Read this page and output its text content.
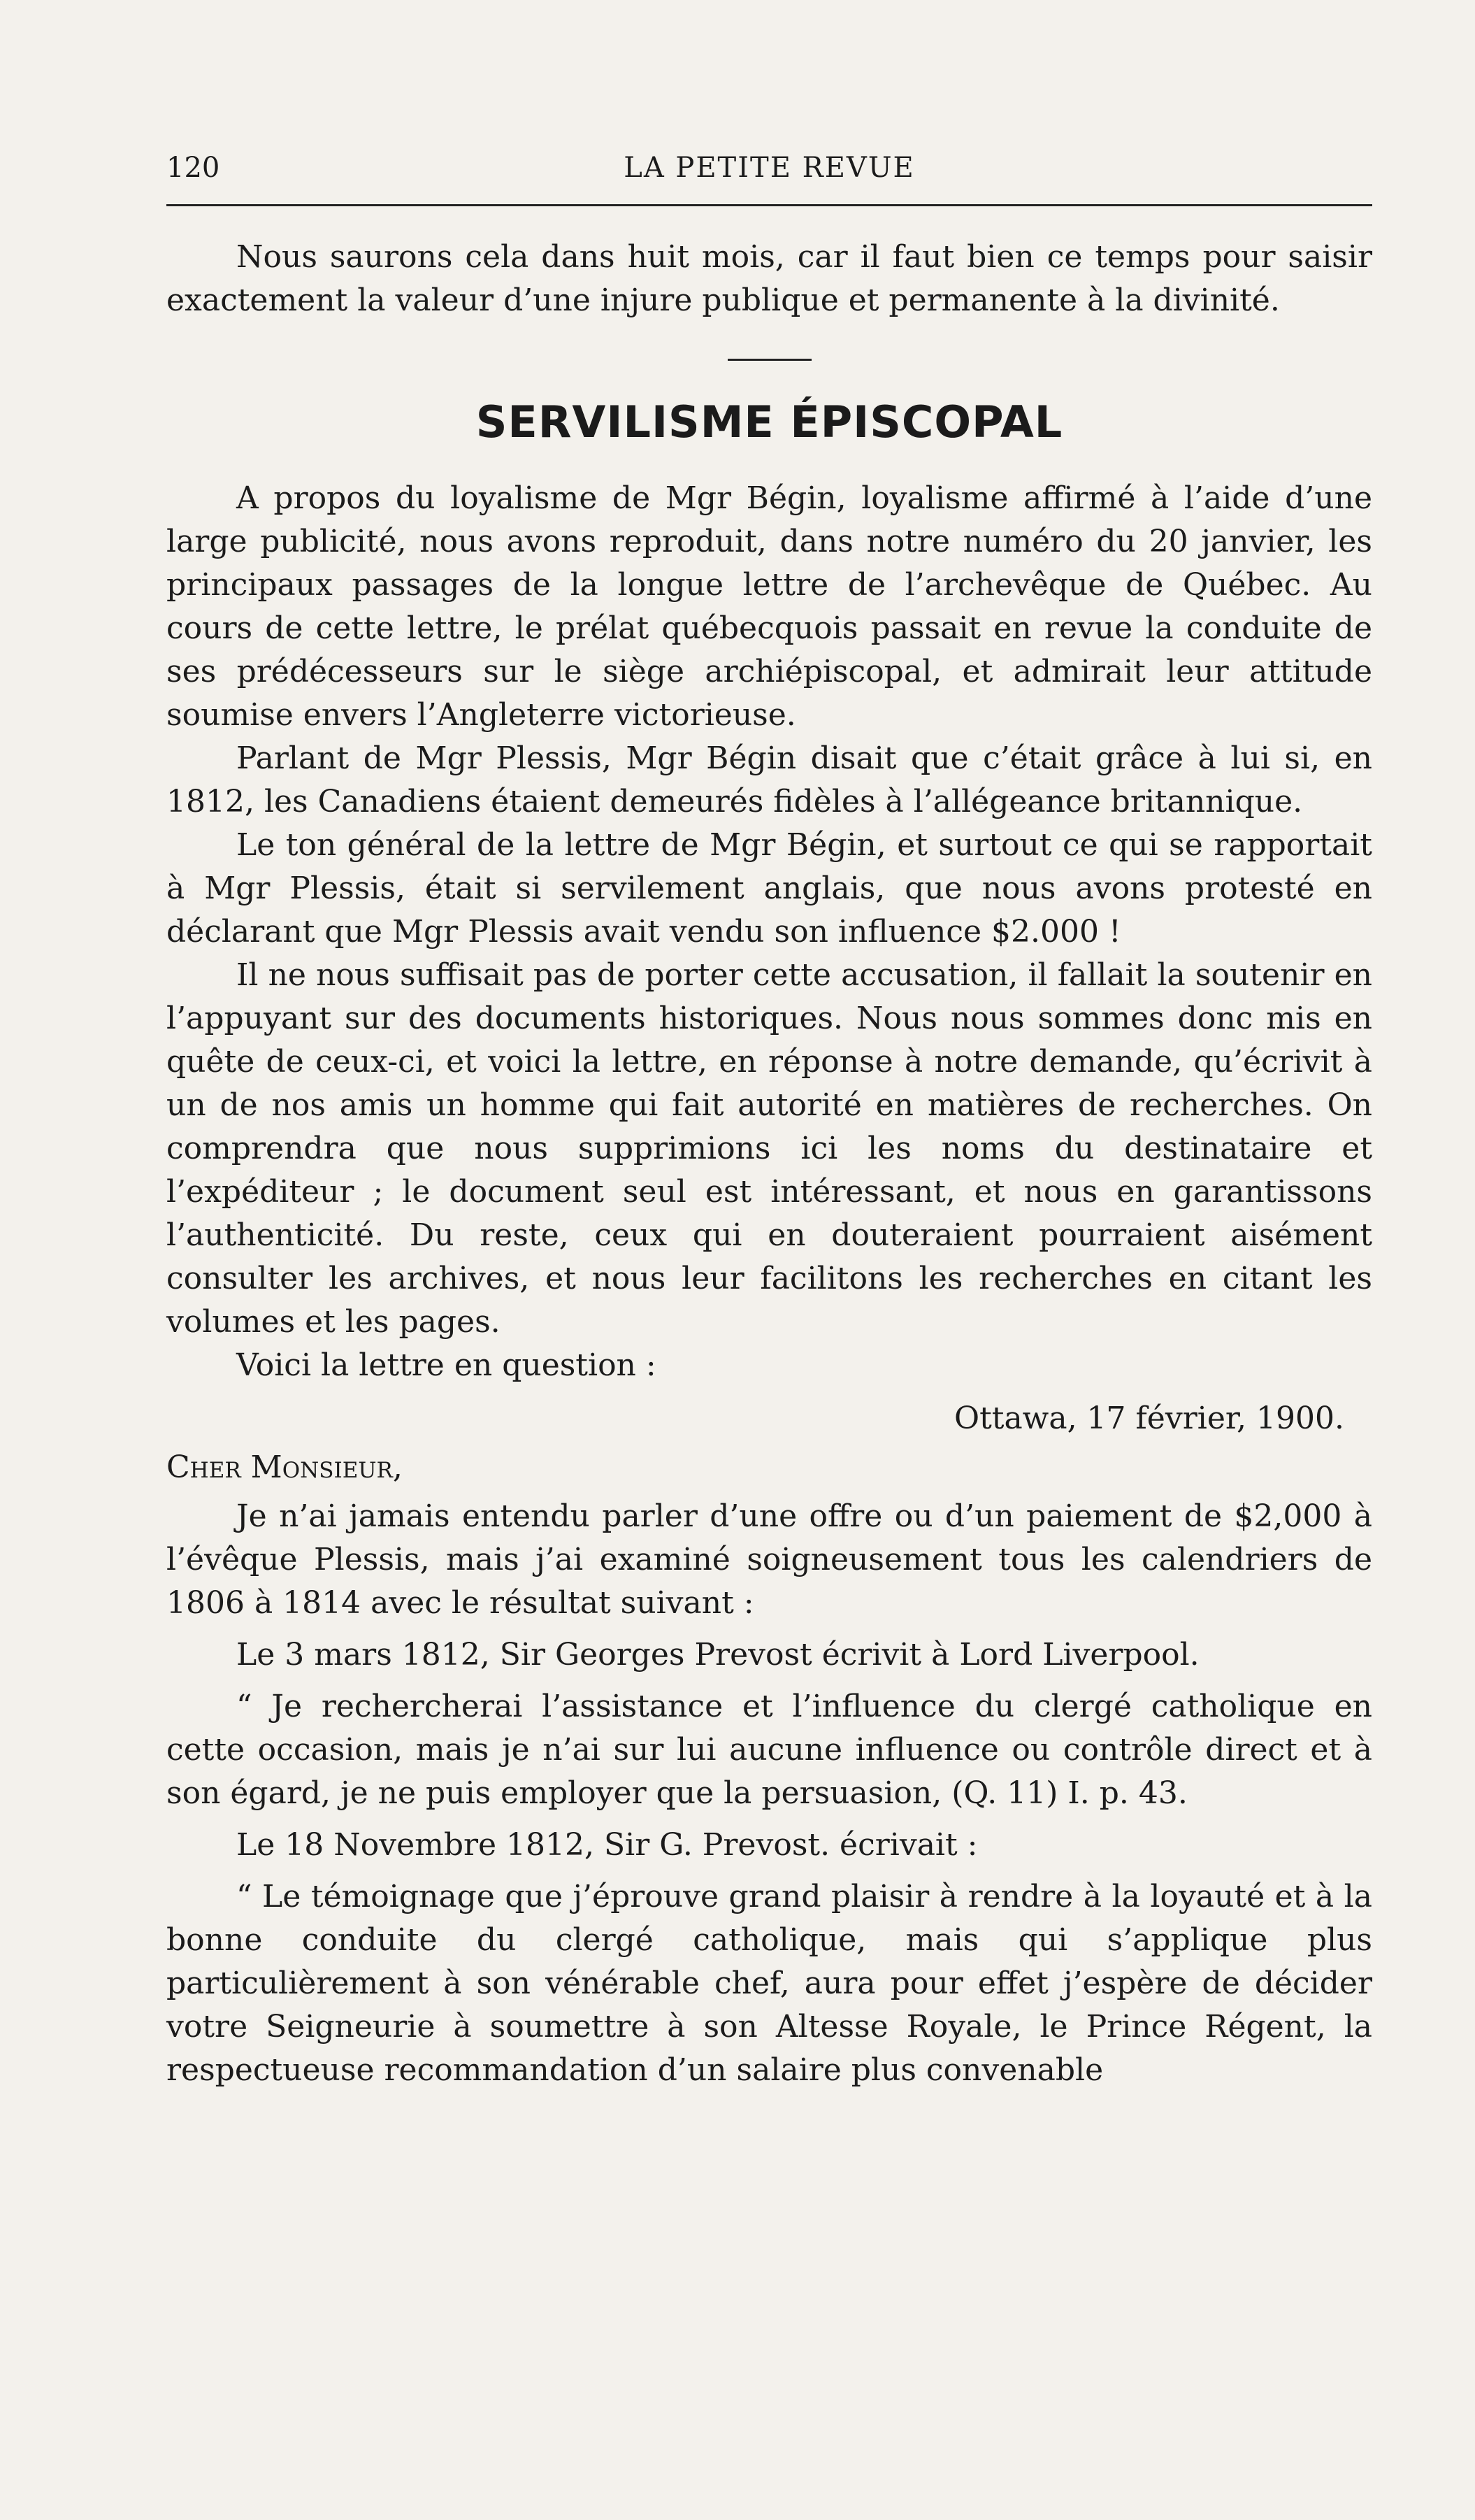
120	LA PETITE REVUE

Nous saurons cela dans huit mois, car il faut bien ce temps pour saisir exactement la valeur d’une injure publique et permanente à la divinité.

SERVILISME ÉPISCOPAL

A propos du loyalisme de Mgr Bégin, loyalisme affirmé à l’aide d’une large publicité, nous avons reproduit, dans notre numéro du 20 janvier, les principaux passages de la longue lettre de l’archevêque de Québec. Au cours de cette lettre, le prélat québecquois passait en revue la conduite de ses prédécesseurs sur le siège archiépiscopal, et admirait leur attitude soumise envers l’Angleterre victorieuse.

Parlant de Mgr Plessis, Mgr Bégin disait que c’était grâce à lui si, en 1812, les Canadiens étaient demeurés fidèles à l’allégeance britannique.

Le ton général de la lettre de Mgr Bégin, et surtout ce qui se rapportait à Mgr Plessis, était si servilement anglais, que nous avons protesté en déclarant que Mgr Plessis avait vendu son influence $2.000 !

Il ne nous suffisait pas de porter cette accusation, il fallait la soutenir en l’appuyant sur des documents historiques. Nous nous sommes donc mis en quête de ceux-ci, et voici la lettre, en réponse à notre demande, qu’écrivit à un de nos amis un homme qui fait autorité en matières de recherches. On comprendra que nous supprimions ici les noms du destinataire et l’expéditeur ; le document seul est intéressant, et nous en garantissons l’authenticité. Du reste, ceux qui en douteraient pourraient aisément consulter les archives, et nous leur facilitons les recherches en citant les volumes et les pages.

Voici la lettre en question :

Ottawa, 17 février, 1900.

Cher Monsieur,

Je n’ai jamais entendu parler d’une offre ou d’un paiement de $2,000 à l’évêque Plessis, mais j’ai examiné soigneusement tous les calendriers de 1806 à 1814 avec le résultat suivant :

Le 3 mars 1812, Sir Georges Prevost écrivit à Lord Liverpool.

“ Je rechercherai l’assistance et l’influence du clergé catholique en cette occasion, mais je n’ai sur lui aucune influence ou contrôle direct et à son égard, je ne puis employer que la persuasion, (Q. 11) I. p. 43.

Le 18 Novembre 1812, Sir G. Prevost. écrivait :

“ Le témoignage que j’éprouve grand plaisir à rendre à la loyauté et à la bonne conduite du clergé catholique, mais qui s’applique plus particulièrement à son vénérable chef, aura pour effet j’espère de décider votre Seigneurie à soumettre à son Altesse Royale, le Prince Régent, la respectueuse recommandation d’un salaire plus convenable
